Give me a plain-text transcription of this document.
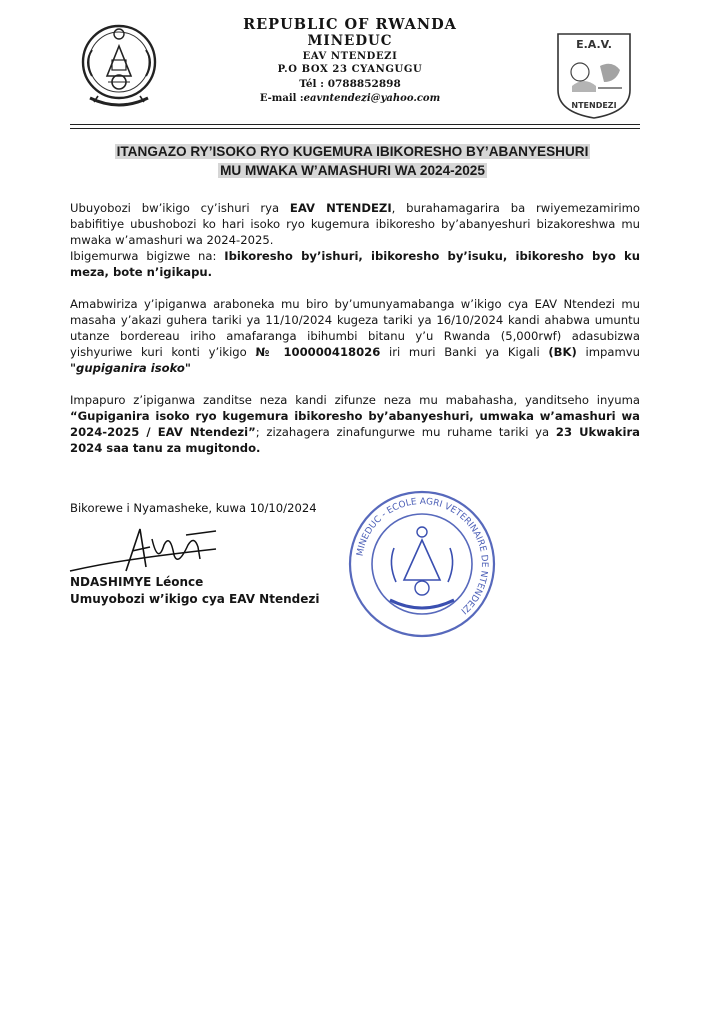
REPUBLIC OF RWANDA
MINEDUC
EAV NTENDEZI
P.O BOX 23 CYANGUGU
Tél : 0788852898
E-mail :eavntendezi@yahoo.com
E.A.V.
NTENDEZI
ITANGAZO RY’ISOKO RYO KUGEMURA IBIKORESHO BY’ABANYESHURI
MU MWAKA W’AMASHURI WA 2024-2025

Ubuyobozi bw’ikigo cy’ishuri rya EAV NTENDEZI, burahamagarira ba rwiyemezamirimo babifitiye ubushobozi ko hari isoko ryo kugemura ibikoresho by’abanyeshuri bizakoreshwa mu mwaka w’amashuri wa 2024-2025.

Ibigemurwa bigizwe na: Ibikoresho by’ishuri, ibikoresho by’isuku, ibikoresho byo ku meza, bote n’igikapu.

Amabwiriza y’ipiganwa araboneka mu biro by’umunyamabanga w’ikigo cya EAV Ntendezi mu masaha y’akazi guhera tariki ya 11/10/2024 kugeza tariki ya 16/10/2024 kandi ahabwa umuntu utanze bordereau iriho amafaranga ibihumbi bitanu y’u Rwanda (5,000rwf) adasubizwa yishyuriwe kuri konti y’ikigo № 100000418026 iri muri Banki ya Kigali (BK) impamvu "gupiganira isoko"

Impapuro z’ipiganwa zanditse neza kandi zifunze neza mu mabahasha, yanditseho inyuma “Gupiganira isoko ryo kugemura ibikoresho by’abanyeshuri, umwaka w’amashuri wa 2024-2025 / EAV Ntendezi”; zizahagera zinafungurwe mu ruhame tariki ya 23 Ukwakira 2024 saa tanu za mugitondo.

Bikorewe i Nyamasheke, kuwa 10/10/2024
NDASHIMYE Léonce
Umuyobozi w’ikigo cya EAV Ntendezi
MINEDUC - ECOLE AGRI VETERINAIRE DE NTENDEZI
